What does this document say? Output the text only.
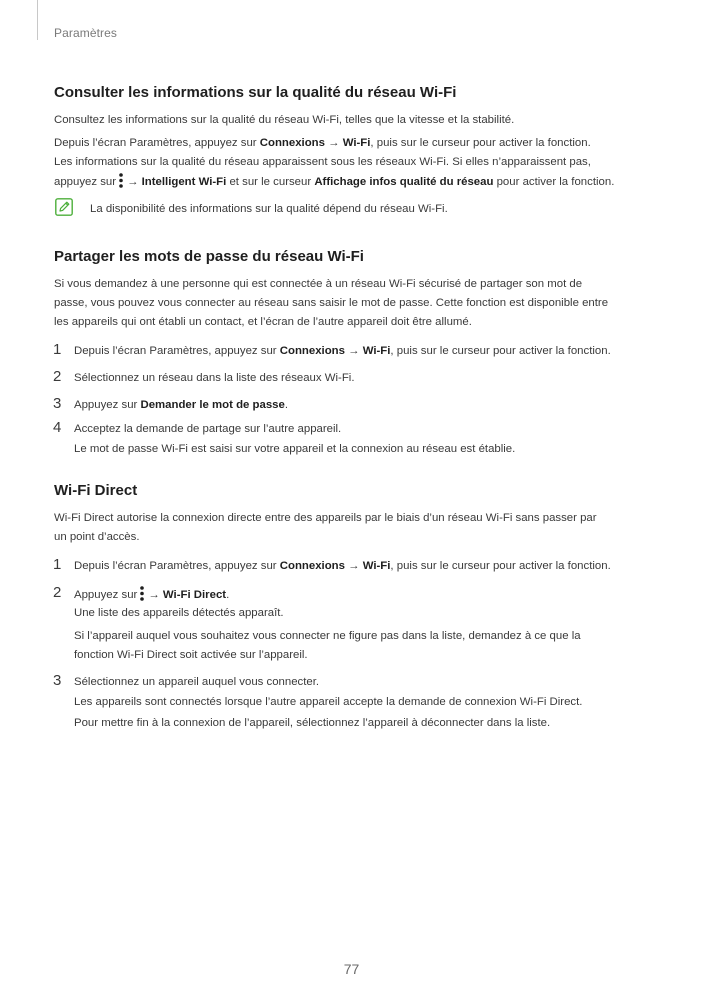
Paramètres
Consulter les informations sur la qualité du réseau Wi-Fi
Consultez les informations sur la qualité du réseau Wi-Fi, telles que la vitesse et la stabilité.
Depuis l’écran Paramètres, appuyez sur Connexions → Wi-Fi, puis sur le curseur pour activer la fonction.
Les informations sur la qualité du réseau apparaissent sous les réseaux Wi-Fi. Si elles n’apparaissent pas,
appuyez sur → Intelligent Wi-Fi et sur le curseur Affichage infos qualité du réseau pour activer la fonction.
La disponibilité des informations sur la qualité dépend du réseau Wi-Fi.
Partager les mots de passe du réseau Wi-Fi
Si vous demandez à une personne qui est connectée à un réseau Wi-Fi sécurisé de partager son mot de
passe, vous pouvez vous connecter au réseau sans saisir le mot de passe. Cette fonction est disponible entre
les appareils qui ont établi un contact, et l’écran de l’autre appareil doit être allumé.
1 Depuis l’écran Paramètres, appuyez sur Connexions → Wi-Fi, puis sur le curseur pour activer la fonction.
2 Sélectionnez un réseau dans la liste des réseaux Wi-Fi.
3 Appuyez sur Demander le mot de passe.
4 Acceptez la demande de partage sur l’autre appareil.
Le mot de passe Wi-Fi est saisi sur votre appareil et la connexion au réseau est établie.
Wi-Fi Direct
Wi-Fi Direct autorise la connexion directe entre des appareils par le biais d’un réseau Wi-Fi sans passer par
un point d’accès.
1 Depuis l’écran Paramètres, appuyez sur Connexions → Wi-Fi, puis sur le curseur pour activer la fonction.
2 Appuyez sur → Wi-Fi Direct.
Une liste des appareils détectés apparaît.
Si l’appareil auquel vous souhaitez vous connecter ne figure pas dans la liste, demandez à ce que la
fonction Wi-Fi Direct soit activée sur l’appareil.
3 Sélectionnez un appareil auquel vous connecter.
Les appareils sont connectés lorsque l’autre appareil accepte la demande de connexion Wi-Fi Direct.
Pour mettre fin à la connexion de l’appareil, sélectionnez l’appareil à déconnecter dans la liste.
77
